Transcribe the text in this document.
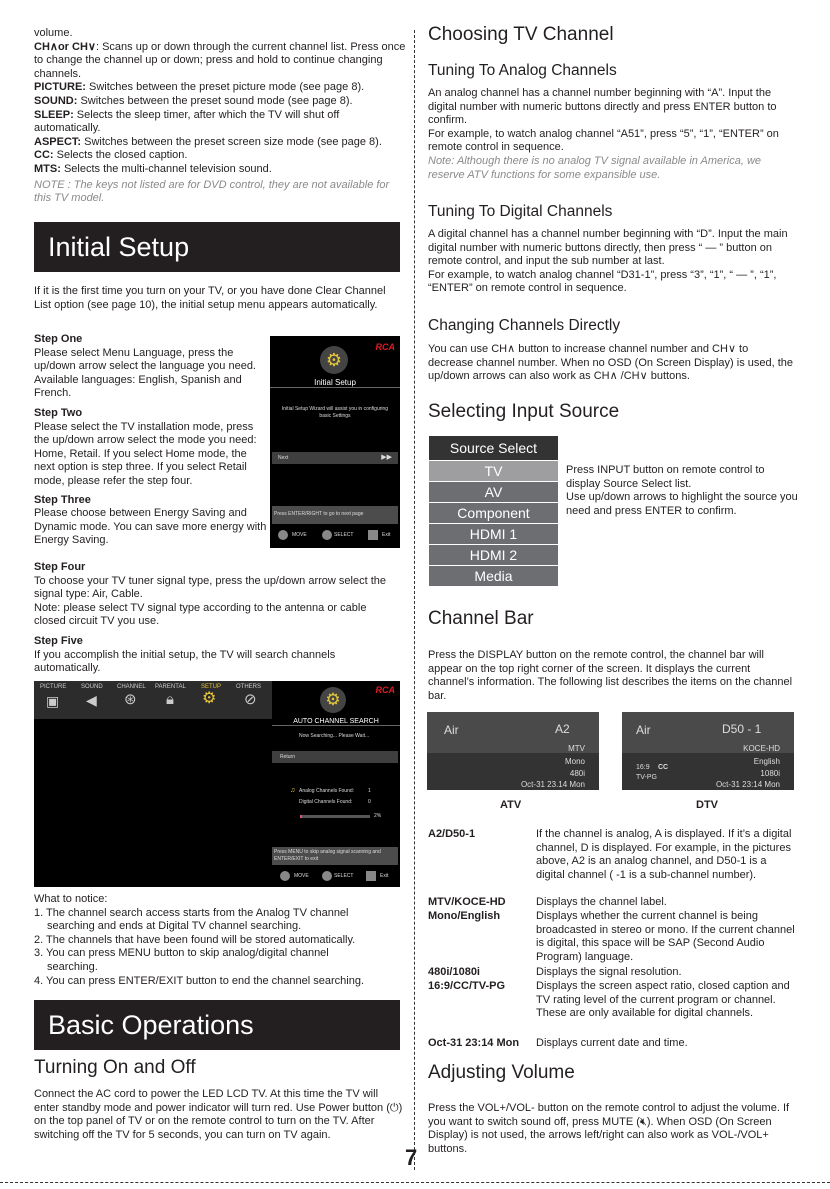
volume.

CH∧or CH∨: Scans up or down through the current channel list. Press once to change the channel up or down; press and hold to continue changing channels.

PICTURE: Switches between the preset picture mode (see page 8).

SOUND: Switches between the preset sound mode (see page 8).

SLEEP: Selects the sleep timer, after which the TV will shut off automatically.

ASPECT: Switches between the preset screen size mode (see page 8).

CC: Selects the closed caption.

MTS: Selects the multi-channel television sound.

NOTE : The keys not listed are for DVD control, they are not available for this TV model.

Initial Setup
If it is the first time you turn on your TV, or you have done Clear Channel List option (see page 10), the initial setup menu appears automatically.

Step One

Please select Menu Language, press the up/down arrow select the language you need. Available languages: English, Spanish and French.

Step Two

Please select the TV installation mode, press the up/down arrow select the mode you need: Home, Retail. If you select Home mode, the next option is step three. If you select Retail mode, please refer the step four.

Step Three

Please choose between Energy Saving and Dynamic mode. You can save more energy with Energy Saving.

RCA
⚙
Initial Setup
Initial Setup Wizard will assist you in configuring basic Settings
Next	▶▶
Press ENTER/RIGHT to go to next page
MOVE	SELECT	Exit

Step Four

To choose your TV tuner signal type, press the up/down arrow select the signal type: Air, Cable.

Note: please select TV signal type according to the antenna or cable closed circuit TV you use.

Step Five

If you accomplish the initial setup, the TV will search channels automatically.

PICTURE SOUND CHANNEL PARENTAL	SETUP OTHERS
▣ ◀ ⊛ 🔒︎ ⚙ ⊘
RCA
⚙
AUTO CHANNEL SEARCH
Now Searching... Please Wait...
Return
♫ Analog Channels Found:	1
Digital Channels Found:	0
2%
Press MENU to skip analog signal scanning and ENTER/EXIT to exit
MOVE	SELECT	Exit

What to notice:

1. The channel search access starts from the Analog TV channel

searching and ends at Digital TV channel searching.

2. The channels that have been found will be stored automatically.

3. You can press MENU button to skip analog/digital channel

searching.

4. You can press ENTER/EXIT button to end the channel searching.

Basic Operations
Turning On and Off
Connect the AC cord to power the LED LCD TV. At this time the TV will enter standby mode and power indicator will turn red. Use Power button (⏻) on the top panel of TV or on the remote control to turn on the TV. After switching off the TV for 5 seconds, you can turn on TV again.
Choosing TV Channel
Tuning To Analog Channels

An analog channel has a channel number beginning with “A”. Input the digital number with numeric buttons directly and press ENTER button to confirm.

For example, to watch analog channel “A51”, press “5”, “1”, “ENTER” on remote control in sequence.

Note: Although there is no analog TV signal available in America, we reserve ATV functions for some expansible use.

Tuning To Digital Channels

A digital channel has a channel number beginning with “D”. Input the main digital number with numeric buttons directly, then press “ — ” button on remote control, and input the sub number at last.

For example, to watch analog channel “D31-1”, press “3”, “1”, “ — ”, “1”, “ENTER” on remote control in sequence.

Changing Channels Directly
You can use CH∧ button to increase channel number and CH∨ to decrease channel number. When no OSD (On Screen Display) is used, the up/down arrows can also work as CH∧ /CH∨ buttons.
Selecting Input Source
Source Select
TV
AV
Component
HDMI 1
HDMI 2
Media
Press INPUT button on remote control to display Source Select list.
Use up/down arrows to highlight the source you need and press ENTER to confirm.
Channel Bar
Press the DISPLAY button on the remote control, the channel bar will appear on the top right corner of the screen. It displays the current channel’s information. The following list describes the items on the channel bar.
Air	A2
MTV
Mono
480i
Oct-31 23.14 Mon
ATV
Air	D50 - 1
KOCE-HD
English
16:9 CC
TV-PG	1080i
Oct-31 23:14 Mon
DTV
A2/D50-1	If the channel is analog, A is displayed. If it’s a digital channel, D is displayed. For example, in the pictures above, A2 is an analog channel, and D50-1 is a digital channel ( -1 is a sub-channel number).
MTV/KOCE-HD	Displays the channel label.
Mono/English	Displays whether the current channel is being broadcasted in stereo or mono. If the current channel is digital, this space will be SAP (Second Audio Program) language.
480i/1080i	Displays the signal resolution.
16:9/CC/TV-PG	Displays the screen aspect ratio, closed caption and TV rating level of the current program or channel. These are only available for digital channels.
Oct-31 23:14 Mon Displays current date and time.
Adjusting Volume
Press the VOL+/VOL- button on the remote control to adjust the volume. If you want to switch sound off, press MUTE (🔇︎). When OSD (On Screen Display) is not used, the arrows left/right can also work as VOL-/VOL+ buttons.
7
